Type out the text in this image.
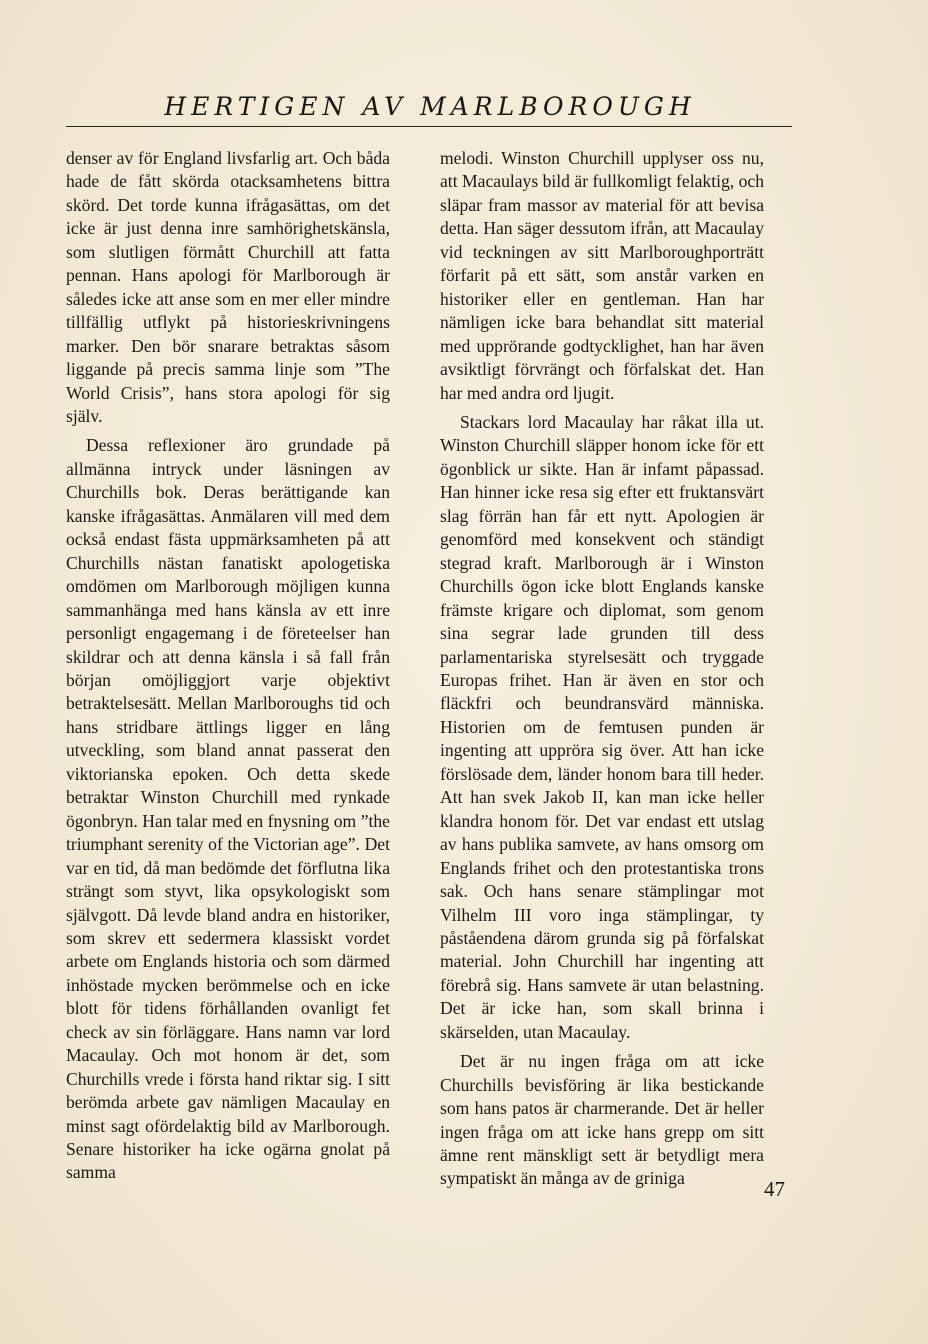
HERTIGEN AV MARLBOROUGH

denser av för England livsfarlig art. Och båda hade de fått skörda otacksamhetens bittra skörd. Det torde kunna ifrågasättas, om det icke är just denna inre samhörighetskänsla, som slutligen förmått Churchill att fatta pennan. Hans apologi för Marlborough är således icke att anse som en mer eller mindre tillfällig utflykt på historieskrivningens marker. Den bör snarare betraktas såsom liggande på precis samma linje som ”The World Crisis”, hans stora apologi för sig själv.

Dessa reflexioner äro grundade på allmänna intryck under läsningen av Churchills bok. Deras berättigande kan kanske ifrågasättas. Anmälaren vill med dem också endast fästa uppmärksamheten på att Churchills nästan fanatiskt apologetiska omdömen om Marlborough möjligen kunna sammanhänga med hans känsla av ett inre personligt engagemang i de företeelser han skildrar och att denna känsla i så fall från början omöjliggjort varje objektivt betraktelsesätt. Mellan Marlboroughs tid och hans stridbare ättlings ligger en lång utveckling, som bland annat passerat den viktorianska epoken. Och detta skede betraktar Winston Churchill med rynkade ögonbryn. Han talar med en fnysning om ”the triumphant serenity of the Victorian age”. Det var en tid, då man bedömde det förflutna lika strängt som styvt, lika opsykologiskt som självgott. Då levde bland andra en historiker, som skrev ett sedermera klassiskt vordet arbete om Englands historia och som därmed inhöstade mycken berömmelse och en icke blott för tidens förhållanden ovanligt fet check av sin förläggare. Hans namn var lord Macaulay. Och mot honom är det, som Churchills vrede i första hand riktar sig. I sitt berömda arbete gav nämligen Macaulay en minst sagt ofördelaktig bild av Marlborough. Senare historiker ha icke ogärna gnolat på samma

melodi. Winston Churchill upplyser oss nu, att Macaulays bild är fullkomligt felaktig, och släpar fram massor av material för att bevisa detta. Han säger dessutom ifrån, att Macaulay vid teckningen av sitt Marlboroughporträtt förfarit på ett sätt, som anstår varken en historiker eller en gentleman. Han har nämligen icke bara behandlat sitt material med upprörande godtycklighet, han har även avsiktligt förvrängt och förfalskat det. Han har med andra ord ljugit.

Stackars lord Macaulay har råkat illa ut. Winston Churchill släpper honom icke för ett ögonblick ur sikte. Han är infamt påpassad. Han hinner icke resa sig efter ett fruktansvärt slag förrän han får ett nytt. Apologien är genomförd med konsekvent och ständigt stegrad kraft. Marlborough är i Winston Churchills ögon icke blott Englands kanske främste krigare och diplomat, som genom sina segrar lade grunden till dess parlamentariska styrelsesätt och tryggade Europas frihet. Han är även en stor och fläckfri och beundransvärd människa. Historien om de femtusen punden är ingenting att uppröra sig över. Att han icke förslösade dem, länder honom bara till heder. Att han svek Jakob II, kan man icke heller klandra honom för. Det var endast ett utslag av hans publika samvete, av hans omsorg om Englands frihet och den protestantiska trons sak. Och hans senare stämplingar mot Vilhelm III voro inga stämplingar, ty påståendena därom grunda sig på förfalskat material. John Churchill har ingenting att förebrå sig. Hans samvete är utan belastning. Det är icke han, som skall brinna i skärselden, utan Macaulay.

Det är nu ingen fråga om att icke Churchills bevisföring är lika bestickande som hans patos är charmerande. Det är heller ingen fråga om att icke hans grepp om sitt ämne rent mänskligt sett är betydligt mera sympatiskt än många av de griniga	47
